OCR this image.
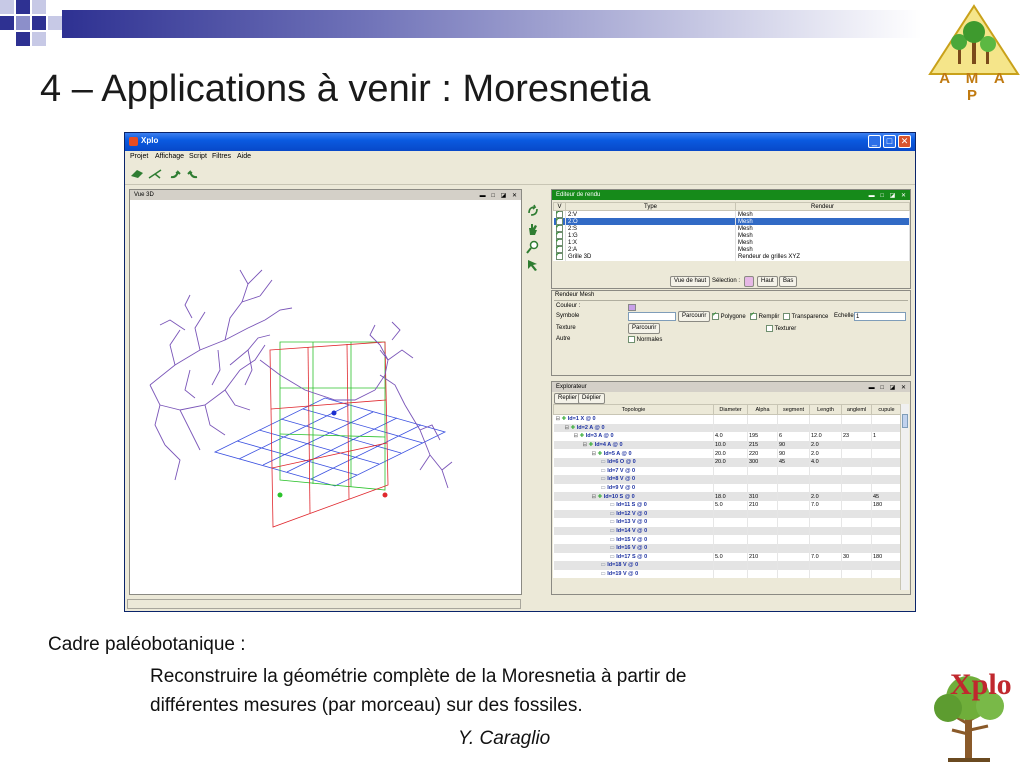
4 – Applications à venir : Moresnetia	A M A P
Xplo	_	□ ✕
Projet Affichage Script Filtres Aide
Vue 3D	▬ □ ◪ ✕	Editeur de rendu	▬ □ ◪ ✕
V	Type	Rendeur
✓	2:V	Mesh
✓	2:O	Mesh
✓	2:S	Mesh
✓	1:G	Mesh
✓	1:X	Mesh
✓	2:A	Mesh
✓	Grille 3D	Rendeur de grilles XYZ
Vue de haut Sélection :	Haut	Bas
Rendeur Mesh
Couleur :
Symbole	Parcourir ✓	Polygone ✓	Remplir	Transparence Echelle 1
Texture	Parcourir	Texturer
Autre	Normales
Explorateur	▬ □ ◪ ✕
Replier Déplier
Topologie	Diameter	Alpha	segment	Length	angleml	cupule
⊟ ✚ Id=1 X @ 0						
⊟ ✚ Id=2 A @ 0						
⊟ ✚ Id=3 A @ 0	4.0	195	6	12.0	23	1
⊟ ✚ Id=4 A @ 0	10.0	215	90	2.0		
⊟ ✚ Id=5 A @ 0	20.0	220	90	2.0		
▭ Id=6 O @ 0	20.0	300	45	4.0		
▭ Id=7 V @ 0						
▭ Id=8 V @ 0						
▭ Id=9 V @ 0						
⊟ ✚ Id=10 S @ 0	18.0	310		2.0		45
▭ Id=11 S @ 0	5.0	210		7.0		180
▭ Id=12 V @ 0						
▭ Id=13 V @ 0						
▭ Id=14 V @ 0						
▭ Id=15 V @ 0						
▭ Id=16 V @ 0						
▭ Id=17 S @ 0	5.0	210		7.0	30	180
▭ Id=18 V @ 0						
▭ Id=19 V @ 0						
Cadre paléobotanique :
Reconstruire la géométrie complète de la Moresnetia à partir de
différentes mesures (par morceau) sur des fossiles.
Y. Caraglio
Xplo
